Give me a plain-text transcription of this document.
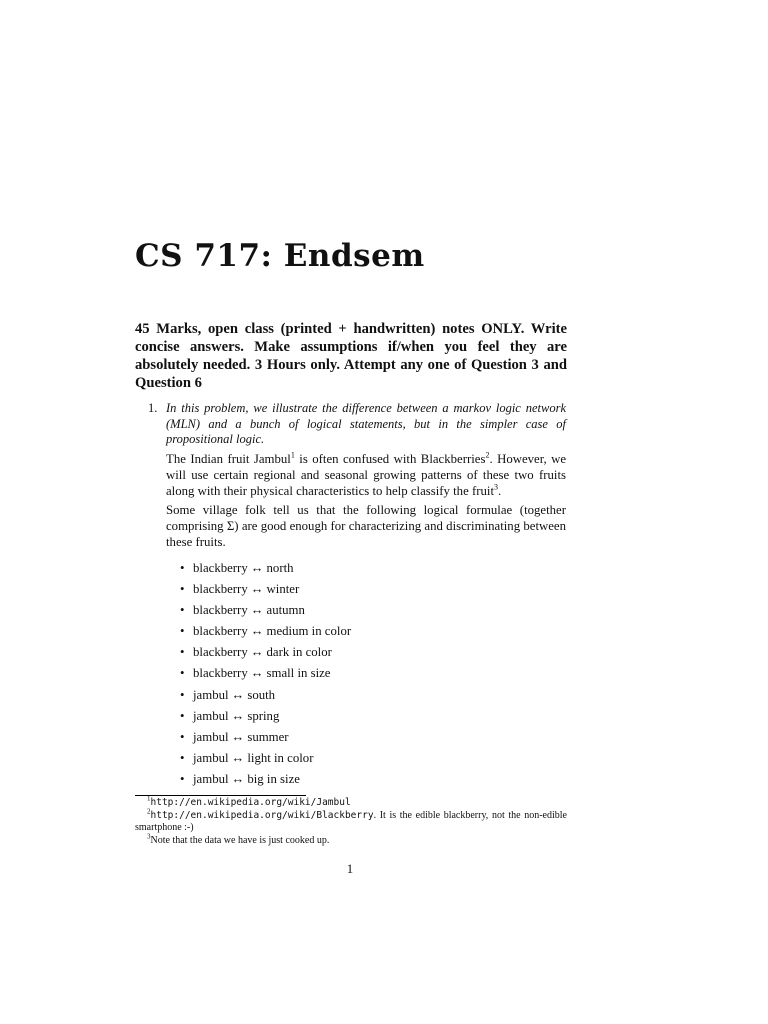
CS 717: Endsem

45 Marks, open class (printed + handwritten) notes ONLY. Write concise answers. Make assumptions if/when you feel they are absolutely needed. 3 Hours only. Attempt any one of Question 3 and Question 6

1. In this problem, we illustrate the difference between a markov logic network (MLN) and a bunch of logical statements, but in the simpler case of propositional logic.

The Indian fruit Jambul$^1$ is often confused with Blackberries$^2$. However, we will use certain regional and seasonal growing patterns of these two fruits along with their physical characteristics to help classify the fruit$^3$.

Some village folk tell us that the following logical formulae (together comprising Σ) are good enough for characterizing and discriminating between these fruits.

• blackberry ↔ north
• blackberry ↔ winter
• blackberry ↔ autumn
• blackberry ↔ medium in color
• blackberry ↔ dark in color
• blackberry ↔ small in size
• jambul ↔ south
• jambul ↔ spring
• jambul ↔ summer
• jambul ↔ light in color
• jambul ↔ big in size

$^1$http://en.wikipedia.org/wiki/Jambul

$^2$http://en.wikipedia.org/wiki/Blackberry. It is the edible blackberry, not the non-edible smartphone :-)

$^3$Note that the data we have is just cooked up.

1
